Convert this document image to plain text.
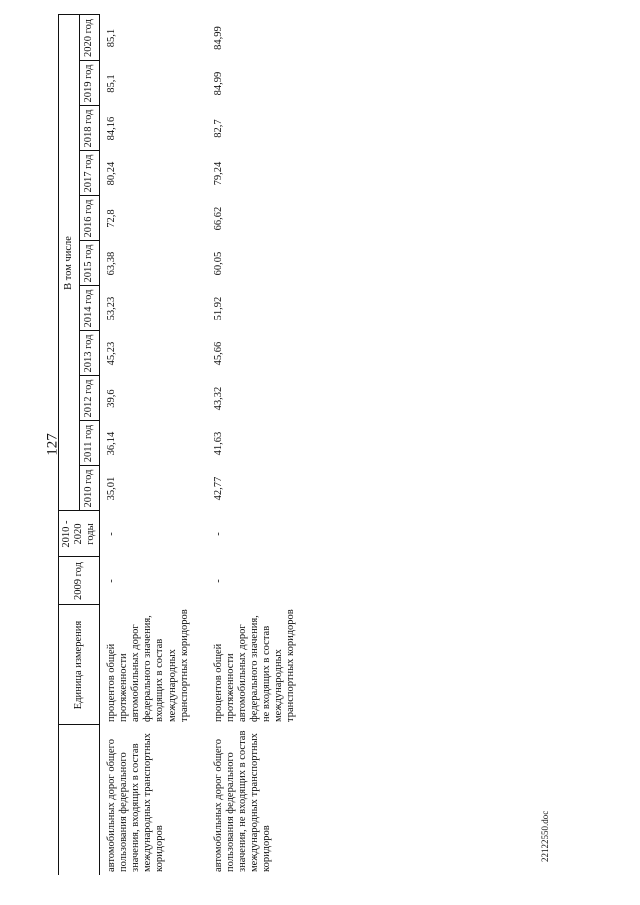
127
	Единица измерения	2009 год	2010 - 2020 годы	В том числе										
				2010 год	2011 год	2012 год	2013 год	2014 год	2015 год	2016 год	2017 год	2018 год	2019 год	2020 год
автомобильных дорог общего пользования федерального значения, входящих в состав международных транспортных коридоров	процентов общей протяженности автомобильных дорог федерального значения, входящих в состав международных транспортных коридоров	-	-	35,01	36,14	39,6	45,23	53,23	63,38	72,8	80,24	84,16	85,1	85,1
автомобильных дорог общего пользования федерального значения, не входящих в состав международных транспортных коридоров	процентов общей протяженности автомобильных дорог федерального значения, не входящих в состав международных транспортных коридоров	-	-	42,77	41,63	43,32	45,66	51,92	60,05	66,62	79,24	82,7	84,99	84,99
22122550.doc
